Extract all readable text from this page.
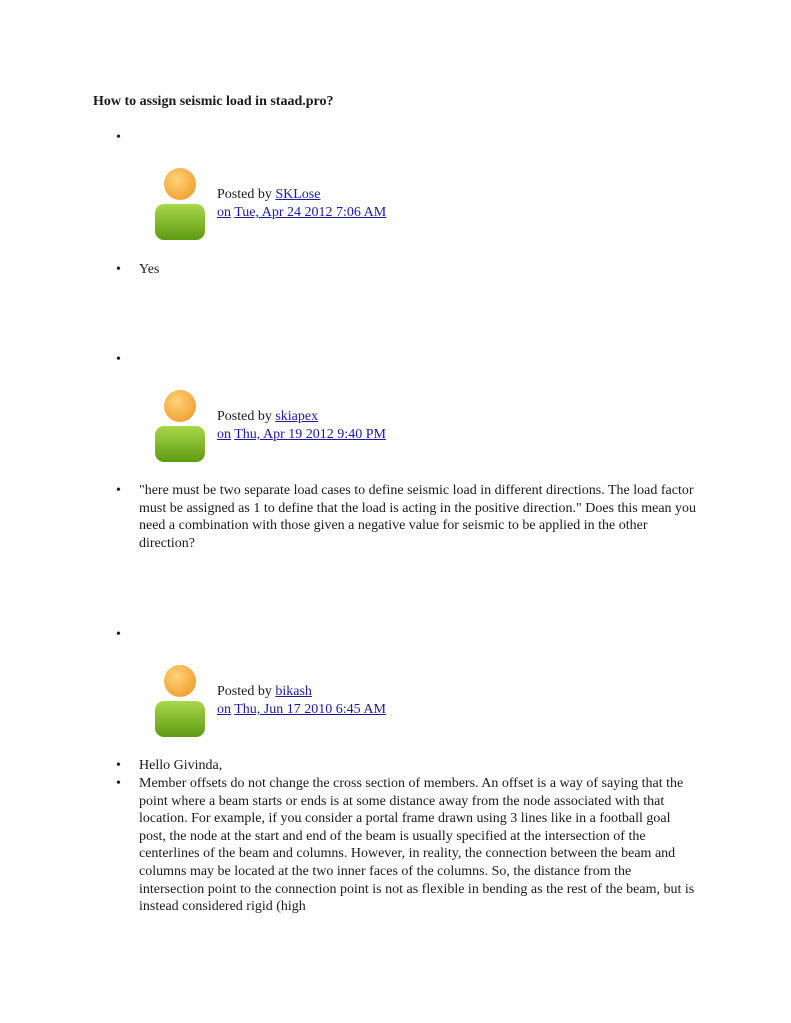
How to assign seismic load in staad.pro?
•
Posted by SKLose
on Tue, Apr 24 2012 7:06 AM
• Yes

•
Posted by skiapex
on Thu, Apr 19 2012 9:40 PM
• "here must be two separate load cases to define seismic load in different directions. The load factor must be assigned as 1 to define that the load is acting in the positive direction." Does this mean you need a combination with those given a negative value for seismic to be applied in the other direction?

•
Posted by bikash
on Thu, Jun 17 2010 6:45 AM
• Hello Givinda,

• Member offsets do not change the cross section of members. An offset is a way of saying that the point where a beam starts or ends is at some distance away from the node associated with that location. For example, if you consider a portal frame drawn using 3 lines like in a football goal post, the node at the start and end of the beam is usually specified at the intersection of the centerlines of the beam and columns. However, in reality, the connection between the beam and columns may be located at the two inner faces of the columns. So, the distance from the intersection point to the connection point is not as flexible in bending as the rest of the beam, but is instead considered rigid (high
